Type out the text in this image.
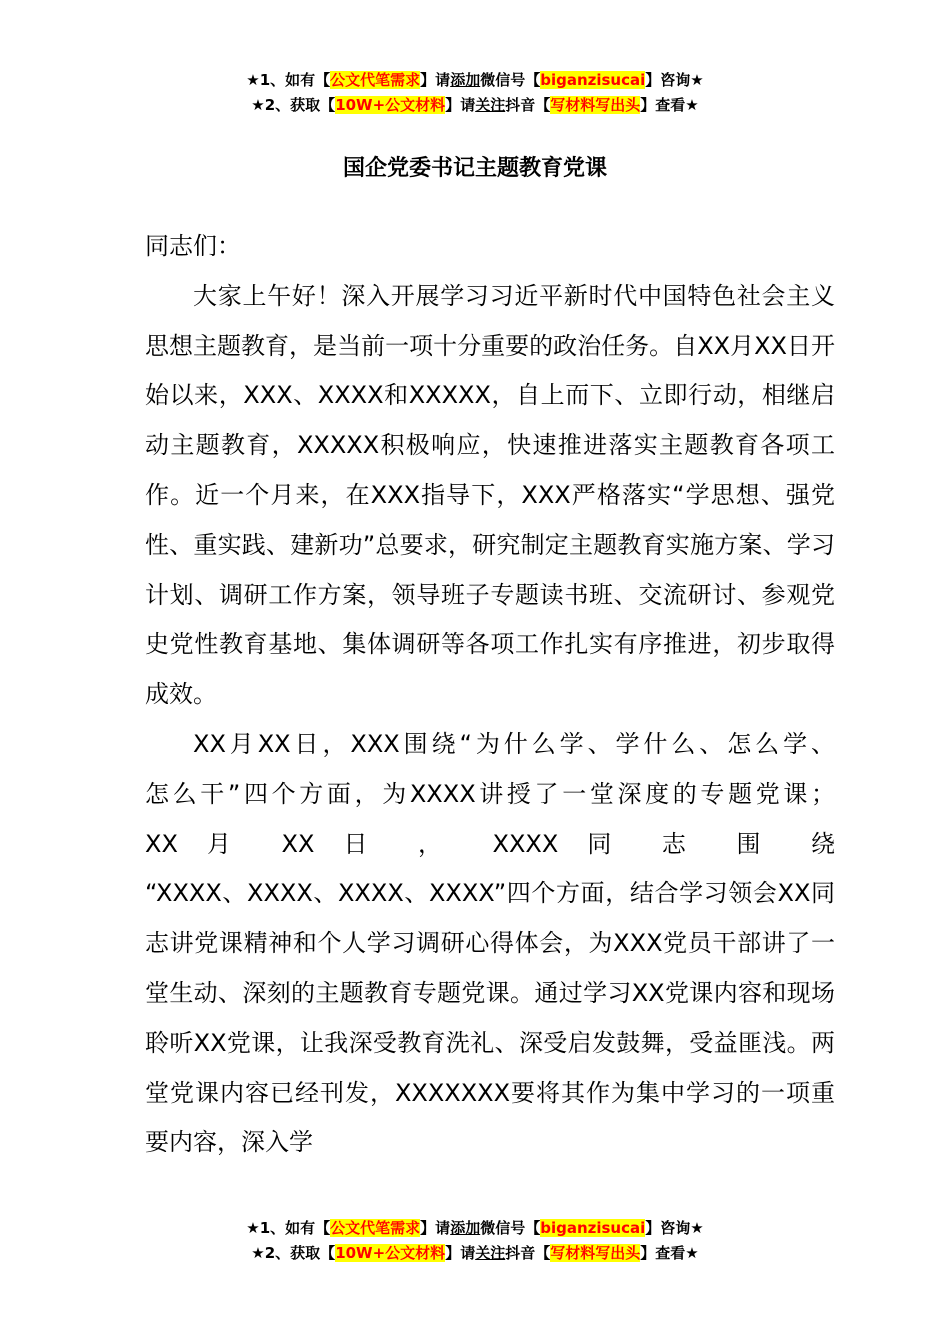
★1、如有【公文代笔需求】请添加微信号【biganzisucai】咨询★
★2、获取【10W+公文材料】请关注抖音【写材料写出头】查看★
国企党委书记主题教育党课

同志们：

大家上午好！深入开展学习习近平新时代中国特色社会主义思想主题教育，是当前一项十分重要的政治任务。自XX月XX日开始以来，XXX、XXXX和XXXXX，自上而下、立即行动，相继启动主题教育，XXXXX积极响应，快速推进落实主题教育各项工作。近一个月来，在XXX指导下，XXX严格落实“学思想、强党性、重实践、建新功”总要求，研究制定主题教育实施方案、学习计划、调研工作方案，领导班子专题读书班、交流研讨、参观党史党性教育基地、集体调研等各项工作扎实有序推进，初步取得成效。

XX月XX日，XXX围绕“为什么学、学什么、怎么学、

怎么干”四个方面，为XXXX讲授了一堂深度的专题党课；

XX 月 XX 日 ， XXXX 同 志 围 绕

“XXXX、XXXX、XXXX、XXXX”四个方面，结合学习领会XX同志讲党课精神和个人学习调研心得体会，为XXX党员干部讲了一堂生动、深刻的主题教育专题党课。通过学习XX党课内容和现场聆听XX党课，让我深受教育洗礼、深受启发鼓舞，受益匪浅。两堂党课内容已经刊发，XXXXXXX要将其作为集中学习的一项重要内容，深入学

★1、如有【公文代笔需求】请添加微信号【biganzisucai】咨询★
★2、获取【10W+公文材料】请关注抖音【写材料写出头】查看★
